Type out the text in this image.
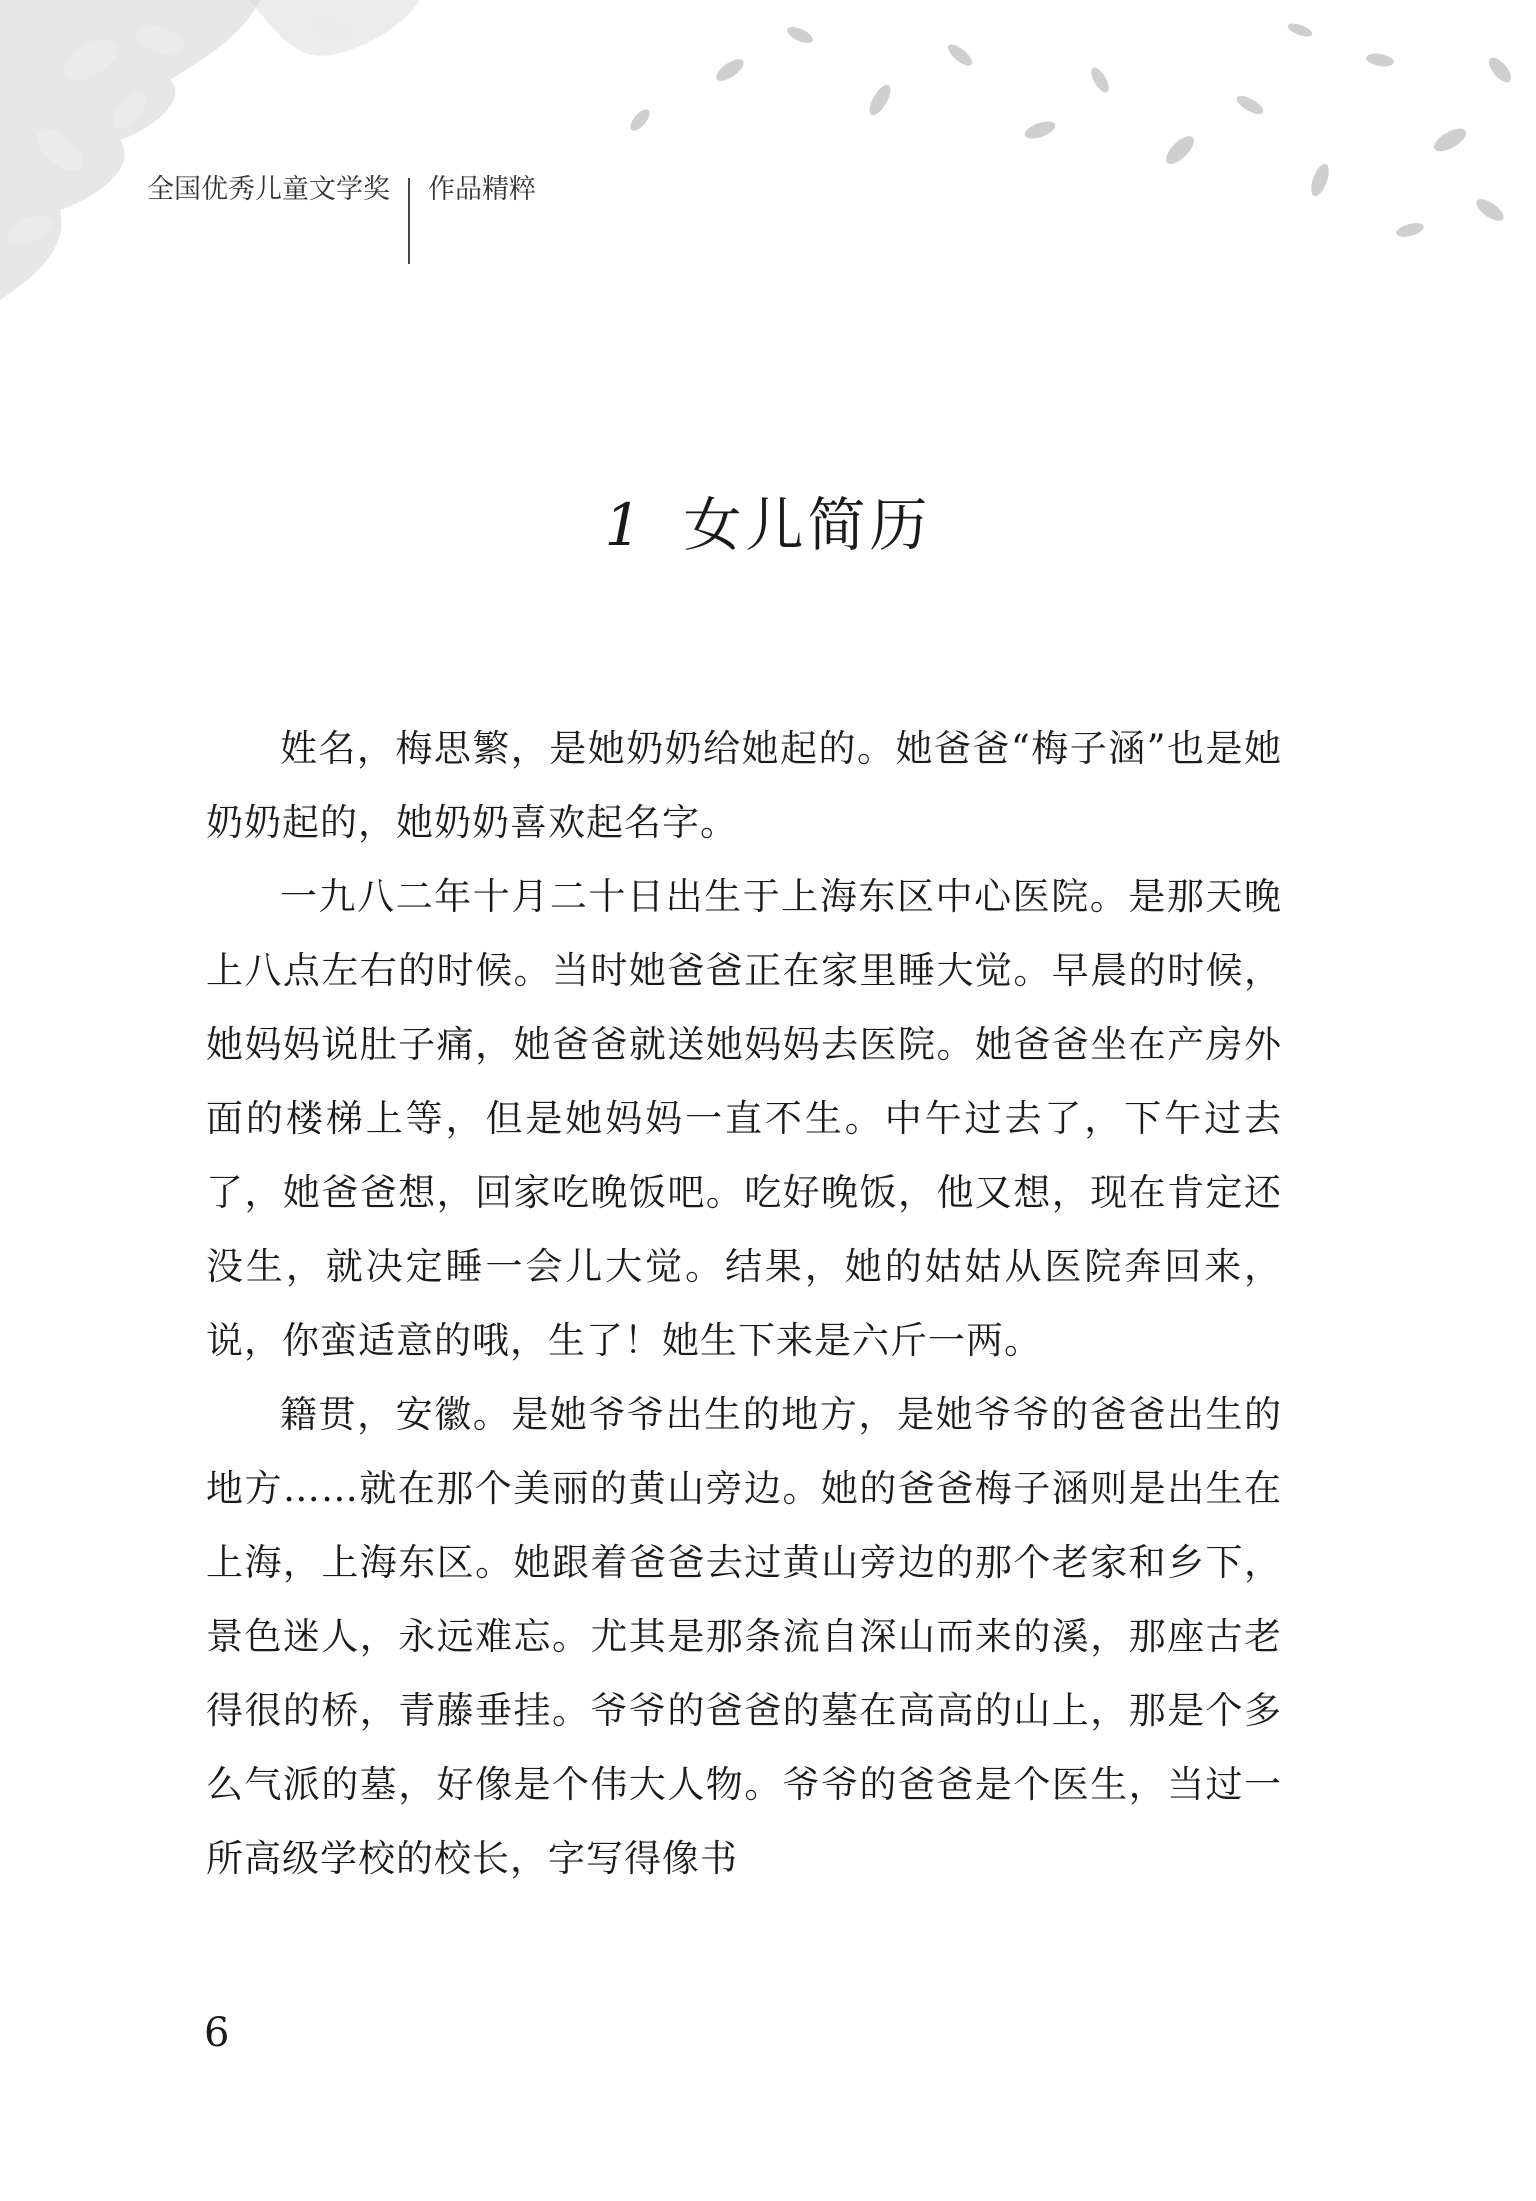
全国优秀儿童文学奖	作品精粹
1 女儿简历

姓名，梅思繁，是她奶奶给她起的。她爸爸“梅子涵”也是她奶奶起的，她奶奶喜欢起名字。

一九八二年十月二十日出生于上海东区中心医院。是那天晚上八点左右的时候。当时她爸爸正在家里睡大觉。早晨的时候，她妈妈说肚子痛，她爸爸就送她妈妈去医院。她爸爸坐在产房外面的楼梯上等，但是她妈妈一直不生。中午过去了，下午过去了，她爸爸想，回家吃晚饭吧。吃好晚饭，他又想，现在肯定还没生，就决定睡一会儿大觉。结果，她的姑姑从医院奔回来，说，你蛮适意的哦，生了！她生下来是六斤一两。

籍贯，安徽。是她爷爷出生的地方，是她爷爷的爸爸出生的地方……就在那个美丽的黄山旁边。她的爸爸梅子涵则是出生在上海，上海东区。她跟着爸爸去过黄山旁边的那个老家和乡下，景色迷人，永远难忘。尤其是那条流自深山而来的溪，那座古老得很的桥，青藤垂挂。爷爷的爸爸的墓在高高的山上，那是个多么气派的墓，好像是个伟大人物。爷爷的爸爸是个医生，当过一所高级学校的校长，字写得像书

6
